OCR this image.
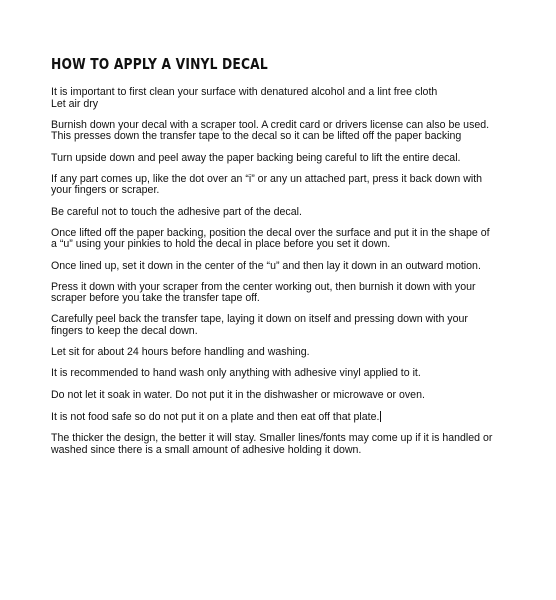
HOW TO APPLY A VINYL DECAL

It is important to first clean your surface with denatured alcohol and a lint free cloth
Let air dry

Burnish down your decal with a scraper tool. A credit card or drivers license can also be used.
This presses down the transfer tape to the decal so it can be lifted off the paper backing

Turn upside down and peel away the paper backing being careful to lift the entire decal.

If any part comes up, like the dot over an “i” or any un attached part, press it back down with
your fingers or scraper.

Be careful not to touch the adhesive part of the decal.

Once lifted off the paper backing, position the decal over the surface and put it in the shape of
a “u” using your pinkies to hold the decal in place before you set it down.

Once lined up, set it down in the center of the “u” and then lay it down in an outward motion.

Press it down with your scraper from the center working out, then burnish it down with your
scraper before you take the transfer tape off.

Carefully peel back the transfer tape, laying it down on itself and pressing down with your
fingers to keep the decal down.

Let sit for about 24 hours before handling and washing.

It is recommended to hand wash only anything with adhesive vinyl applied to it.

Do not let it soak in water. Do not put it in the dishwasher or microwave or oven.

It is not food safe so do not put it on a plate and then eat off that plate.

The thicker the design, the better it will stay. Smaller lines/fonts may come up if it is handled or
washed since there is a small amount of adhesive holding it down.
